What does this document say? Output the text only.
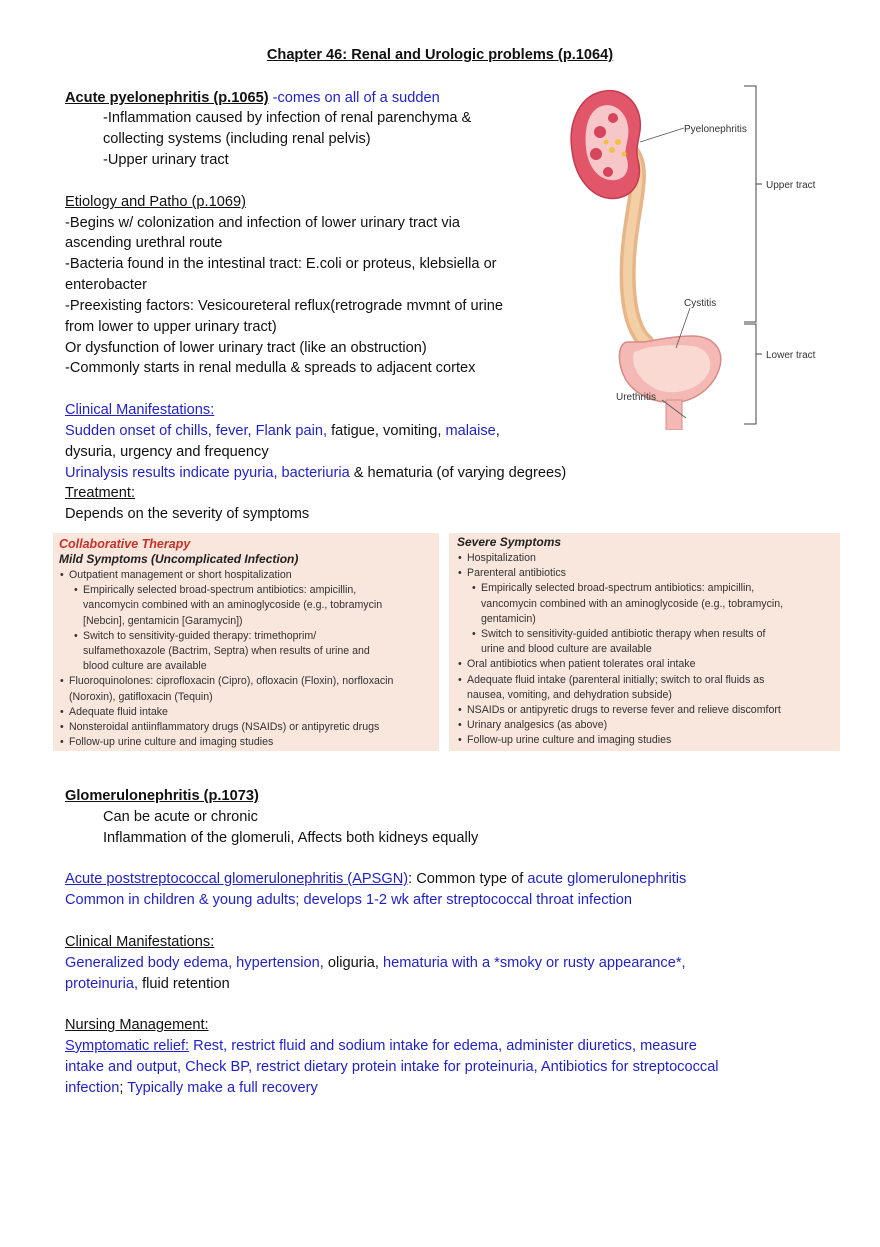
Chapter 46: Renal and Urologic problems (p.1064)
Acute pyelonephritis (p.1065) -comes on all of a sudden
-Inflammation caused by infection of renal parenchyma &
collecting systems (including renal pelvis)
-Upper urinary tract
Etiology and Patho (p.1069)
-Begins w/ colonization and infection of lower urinary tract via
ascending urethral route
-Bacteria found in the intestinal tract: E.coli or proteus, klebsiella or
enterobacter
-Preexisting factors: Vesicoureteral reflux(retrograde mvmnt of urine
from lower to upper urinary tract)
Or dysfunction of lower urinary tract (like an obstruction)
-Commonly starts in renal medulla & spreads to adjacent cortex
Clinical Manifestations:
Sudden onset of chills, fever, Flank pain, fatigue, vomiting, malaise,
dysuria, urgency and frequency
Urinalysis results indicate pyuria, bacteriuria & hematuria (of varying degrees)
Treatment:
Depends on the severity of symptoms
Pyelonephritis
Upper tract
Cystitis
Lower tract
Urethritis
Collaborative Therapy
Mild Symptoms (Uncomplicated Infection)
• Outpatient management or short hospitalization
• Empirically selected broad-spectrum antibiotics: ampicillin,
vancomycin combined with an aminoglycoside (e.g., tobramycin
[Nebcin], gentamicin [Garamycin])
• Switch to sensitivity-guided therapy: trimethoprim/
sulfamethoxazole (Bactrim, Septra) when results of urine and
blood culture are available
• Fluoroquinolones: ciprofloxacin (Cipro), ofloxacin (Floxin), norfloxacin
(Noroxin), gatifloxacin (Tequin)
• Adequate fluid intake
• Nonsteroidal antiinflammatory drugs (NSAIDs) or antipyretic drugs
• Follow-up urine culture and imaging studies
Severe Symptoms
• Hospitalization
• Parenteral antibiotics
• Empirically selected broad-spectrum antibiotics: ampicillin,
vancomycin combined with an aminoglycoside (e.g., tobramycin,
gentamicin)
• Switch to sensitivity-guided antibiotic therapy when results of
urine and blood culture are available
• Oral antibiotics when patient tolerates oral intake
• Adequate fluid intake (parenteral initially; switch to oral fluids as
nausea, vomiting, and dehydration subside)
• NSAIDs or antipyretic drugs to reverse fever and relieve discomfort
• Urinary analgesics (as above)
• Follow-up urine culture and imaging studies
Glomerulonephritis (p.1073)
Can be acute or chronic
Inflammation of the glomeruli, Affects both kidneys equally
Acute poststreptococcal glomerulonephritis (APSGN): Common type of acute glomerulonephritis
Common in children & young adults; develops 1-2 wk after streptococcal throat infection
Clinical Manifestations:
Generalized body edema, hypertension, oliguria, hematuria with a *smoky or rusty appearance*,
proteinuria, fluid retention
Nursing Management:
Symptomatic relief: Rest, restrict fluid and sodium intake for edema, administer diuretics, measure
intake and output, Check BP, restrict dietary protein intake for proteinuria, Antibiotics for streptococcal
infection; Typically make a full recovery
